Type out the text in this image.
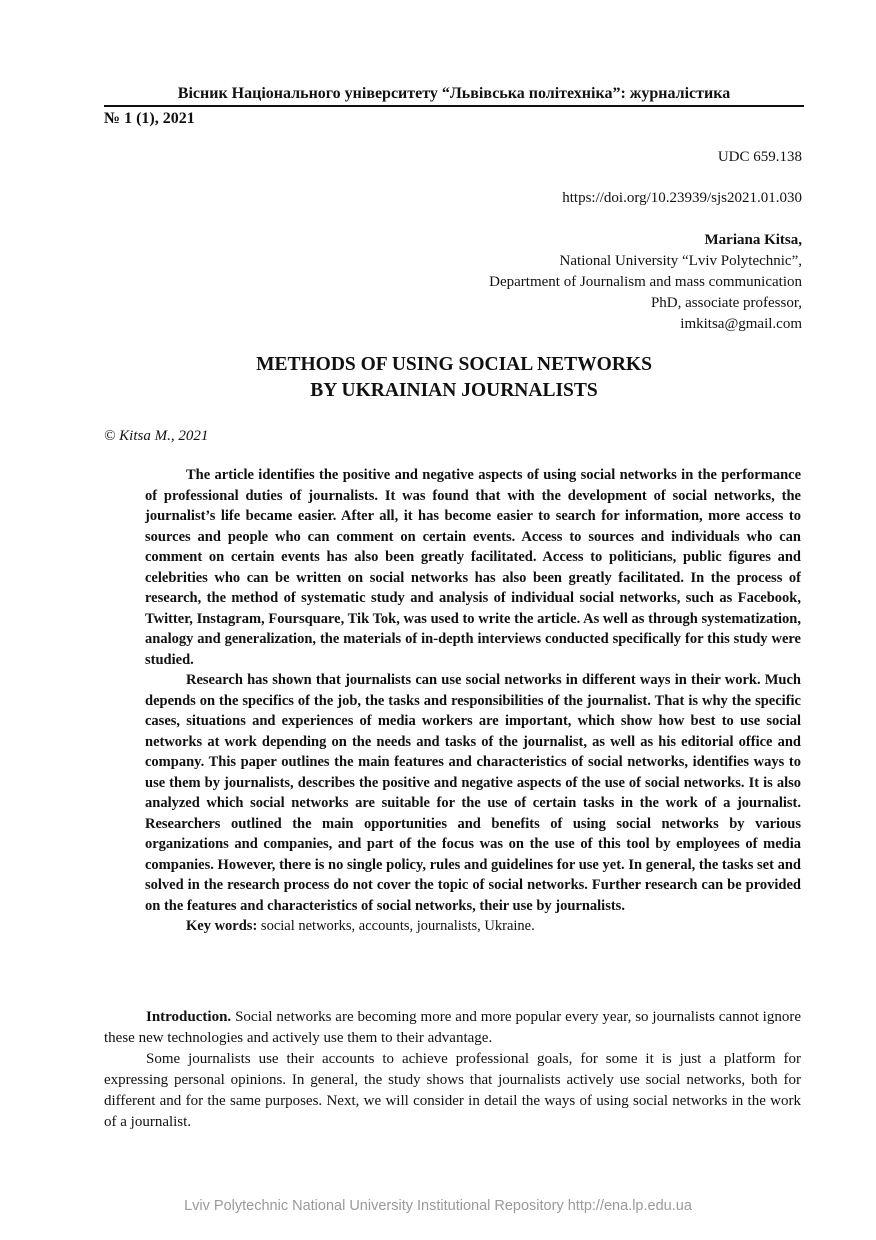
Вісник Національного університету “Львівська політехніка”: журналістика
№ 1 (1), 2021
UDC 659.138
https://doi.org/10.23939/sjs2021.01.030
Mariana Kitsa,
National University “Lviv Polytechnic”,
Department of Journalism and mass communication
PhD, associate professor,
imkitsa@gmail.com
METHODS OF USING SOCIAL NETWORKS
BY UKRAINIAN JOURNALISTS
© Kitsa M., 2021

The article identifies the positive and negative aspects of using social networks in the performance of professional duties of journalists. It was found that with the development of social networks, the journalist’s life became easier. After all, it has become easier to search for information, more access to sources and people who can comment on certain events. Access to sources and individuals who can comment on certain events has also been greatly facilitated. Access to politicians, public figures and celebrities who can be written on social networks has also been greatly facilitated. In the process of research, the method of systematic study and analysis of individual social networks, such as Facebook, Twitter, Instagram, Foursquare, Tik Tok, was used to write the article. As well as through systematization, analogy and generalization, the materials of in-depth interviews conducted specifically for this study were studied.

Research has shown that journalists can use social networks in different ways in their work. Much depends on the specifics of the job, the tasks and responsibilities of the journalist. That is why the specific cases, situations and experiences of media workers are important, which show how best to use social networks at work depending on the needs and tasks of the journalist, as well as his editorial office and company. This paper outlines the main features and characteristics of social networks, identifies ways to use them by journalists, describes the positive and negative aspects of the use of social networks. It is also analyzed which social networks are suitable for the use of certain tasks in the work of a journalist. Researchers outlined the main opportunities and benefits of using social networks by various organizations and companies, and part of the focus was on the use of this tool by employees of media companies. However, there is no single policy, rules and guidelines for use yet. In general, the tasks set and solved in the research process do not cover the topic of social networks. Further research can be provided on the features and characteristics of social networks, their use by journalists.

Key words: social networks, accounts, journalists, Ukraine.

Introduction. Social networks are becoming more and more popular every year, so journalists cannot ignore these new technologies and actively use them to their advantage.

Some journalists use their accounts to achieve professional goals, for some it is just a platform for expressing personal opinions. In general, the study shows that journalists actively use social networks, both for different and for the same purposes. Next, we will consider in detail the ways of using social networks in the work of a journalist.

Lviv Polytechnic National University Institutional Repository http://ena.lp.edu.ua
